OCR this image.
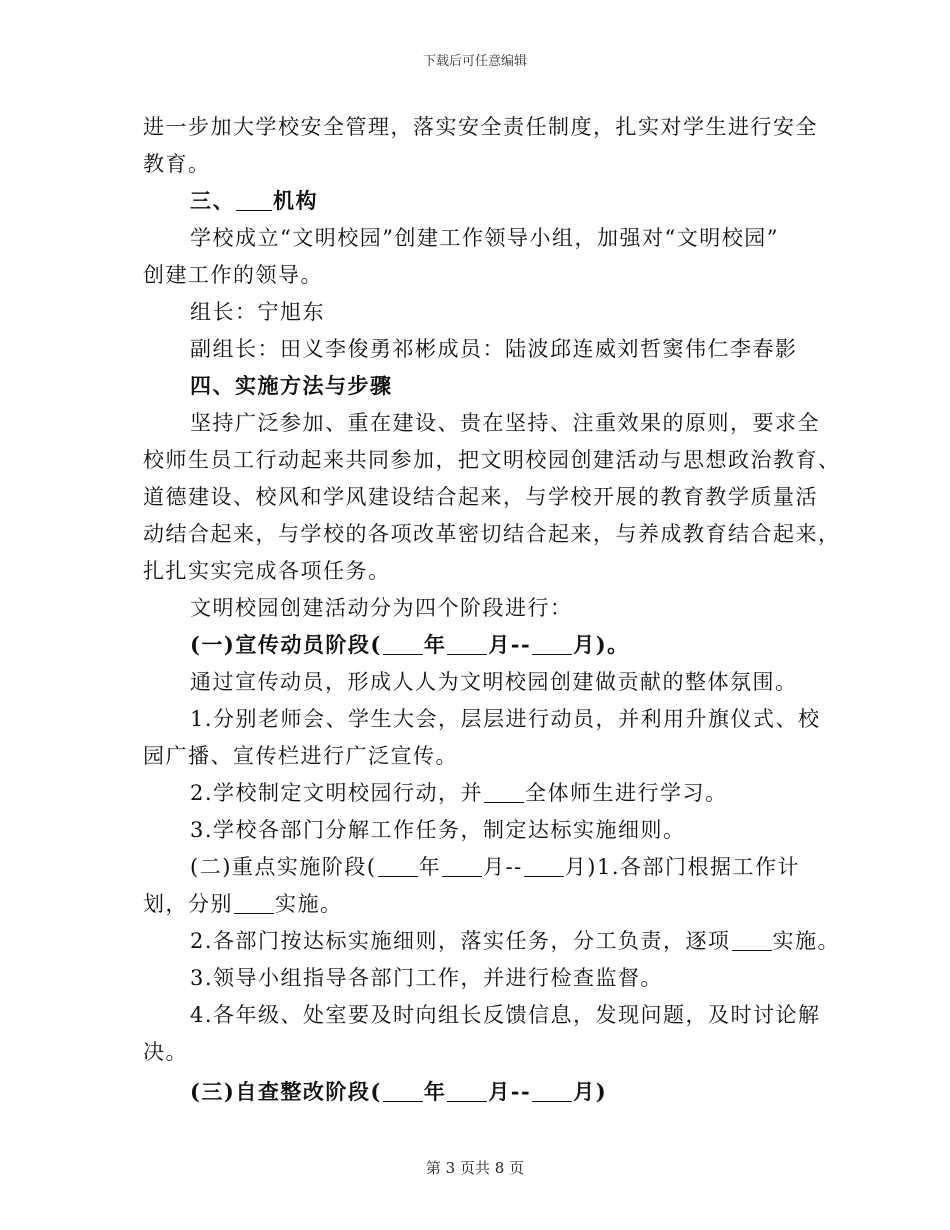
下载后可任意编辑
进一步加大学校安全管理，落实安全责任制度，扎实对学生进行安全
教育。
三、 机构
学校成立“文明校园”创建工作领导小组，加强对“文明校园”
创建工作的领导。
组长：宁旭东
副组长：田义李俊勇祁彬成员：陆波邱连威刘哲窦伟仁李春影
四、实施方法与步骤
坚持广泛参加、重在建设、贵在坚持、注重效果的原则，要求全
校师生员工行动起来共同参加，把文明校园创建活动与思想政治教育、
道德建设、校风和学风建设结合起来，与学校开展的教育教学质量活
动结合起来，与学校的各项改革密切结合起来，与养成教育结合起来，
扎扎实实完成各项任务。
文明校园创建活动分为四个阶段进行：
(一)宣传动员阶段( 年 月-- 月)。
通过宣传动员，形成人人为文明校园创建做贡献的整体氛围。
1.分别老师会、学生大会，层层进行动员，并利用升旗仪式、校
园广播、宣传栏进行广泛宣传。
2.学校制定文明校园行动，并 全体师生进行学习。
3.学校各部门分解工作任务，制定达标实施细则。
(二)重点实施阶段( 年 月-- 月)1.各部门根据工作计
划，分别 实施。
2.各部门按达标实施细则，落实任务，分工负责，逐项 实施。
3.领导小组指导各部门工作，并进行检查监督。
4.各年级、处室要及时向组长反馈信息，发现问题，及时讨论解
决。
(三)自查整改阶段( 年 月-- 月)
第 3 页共 8 页
